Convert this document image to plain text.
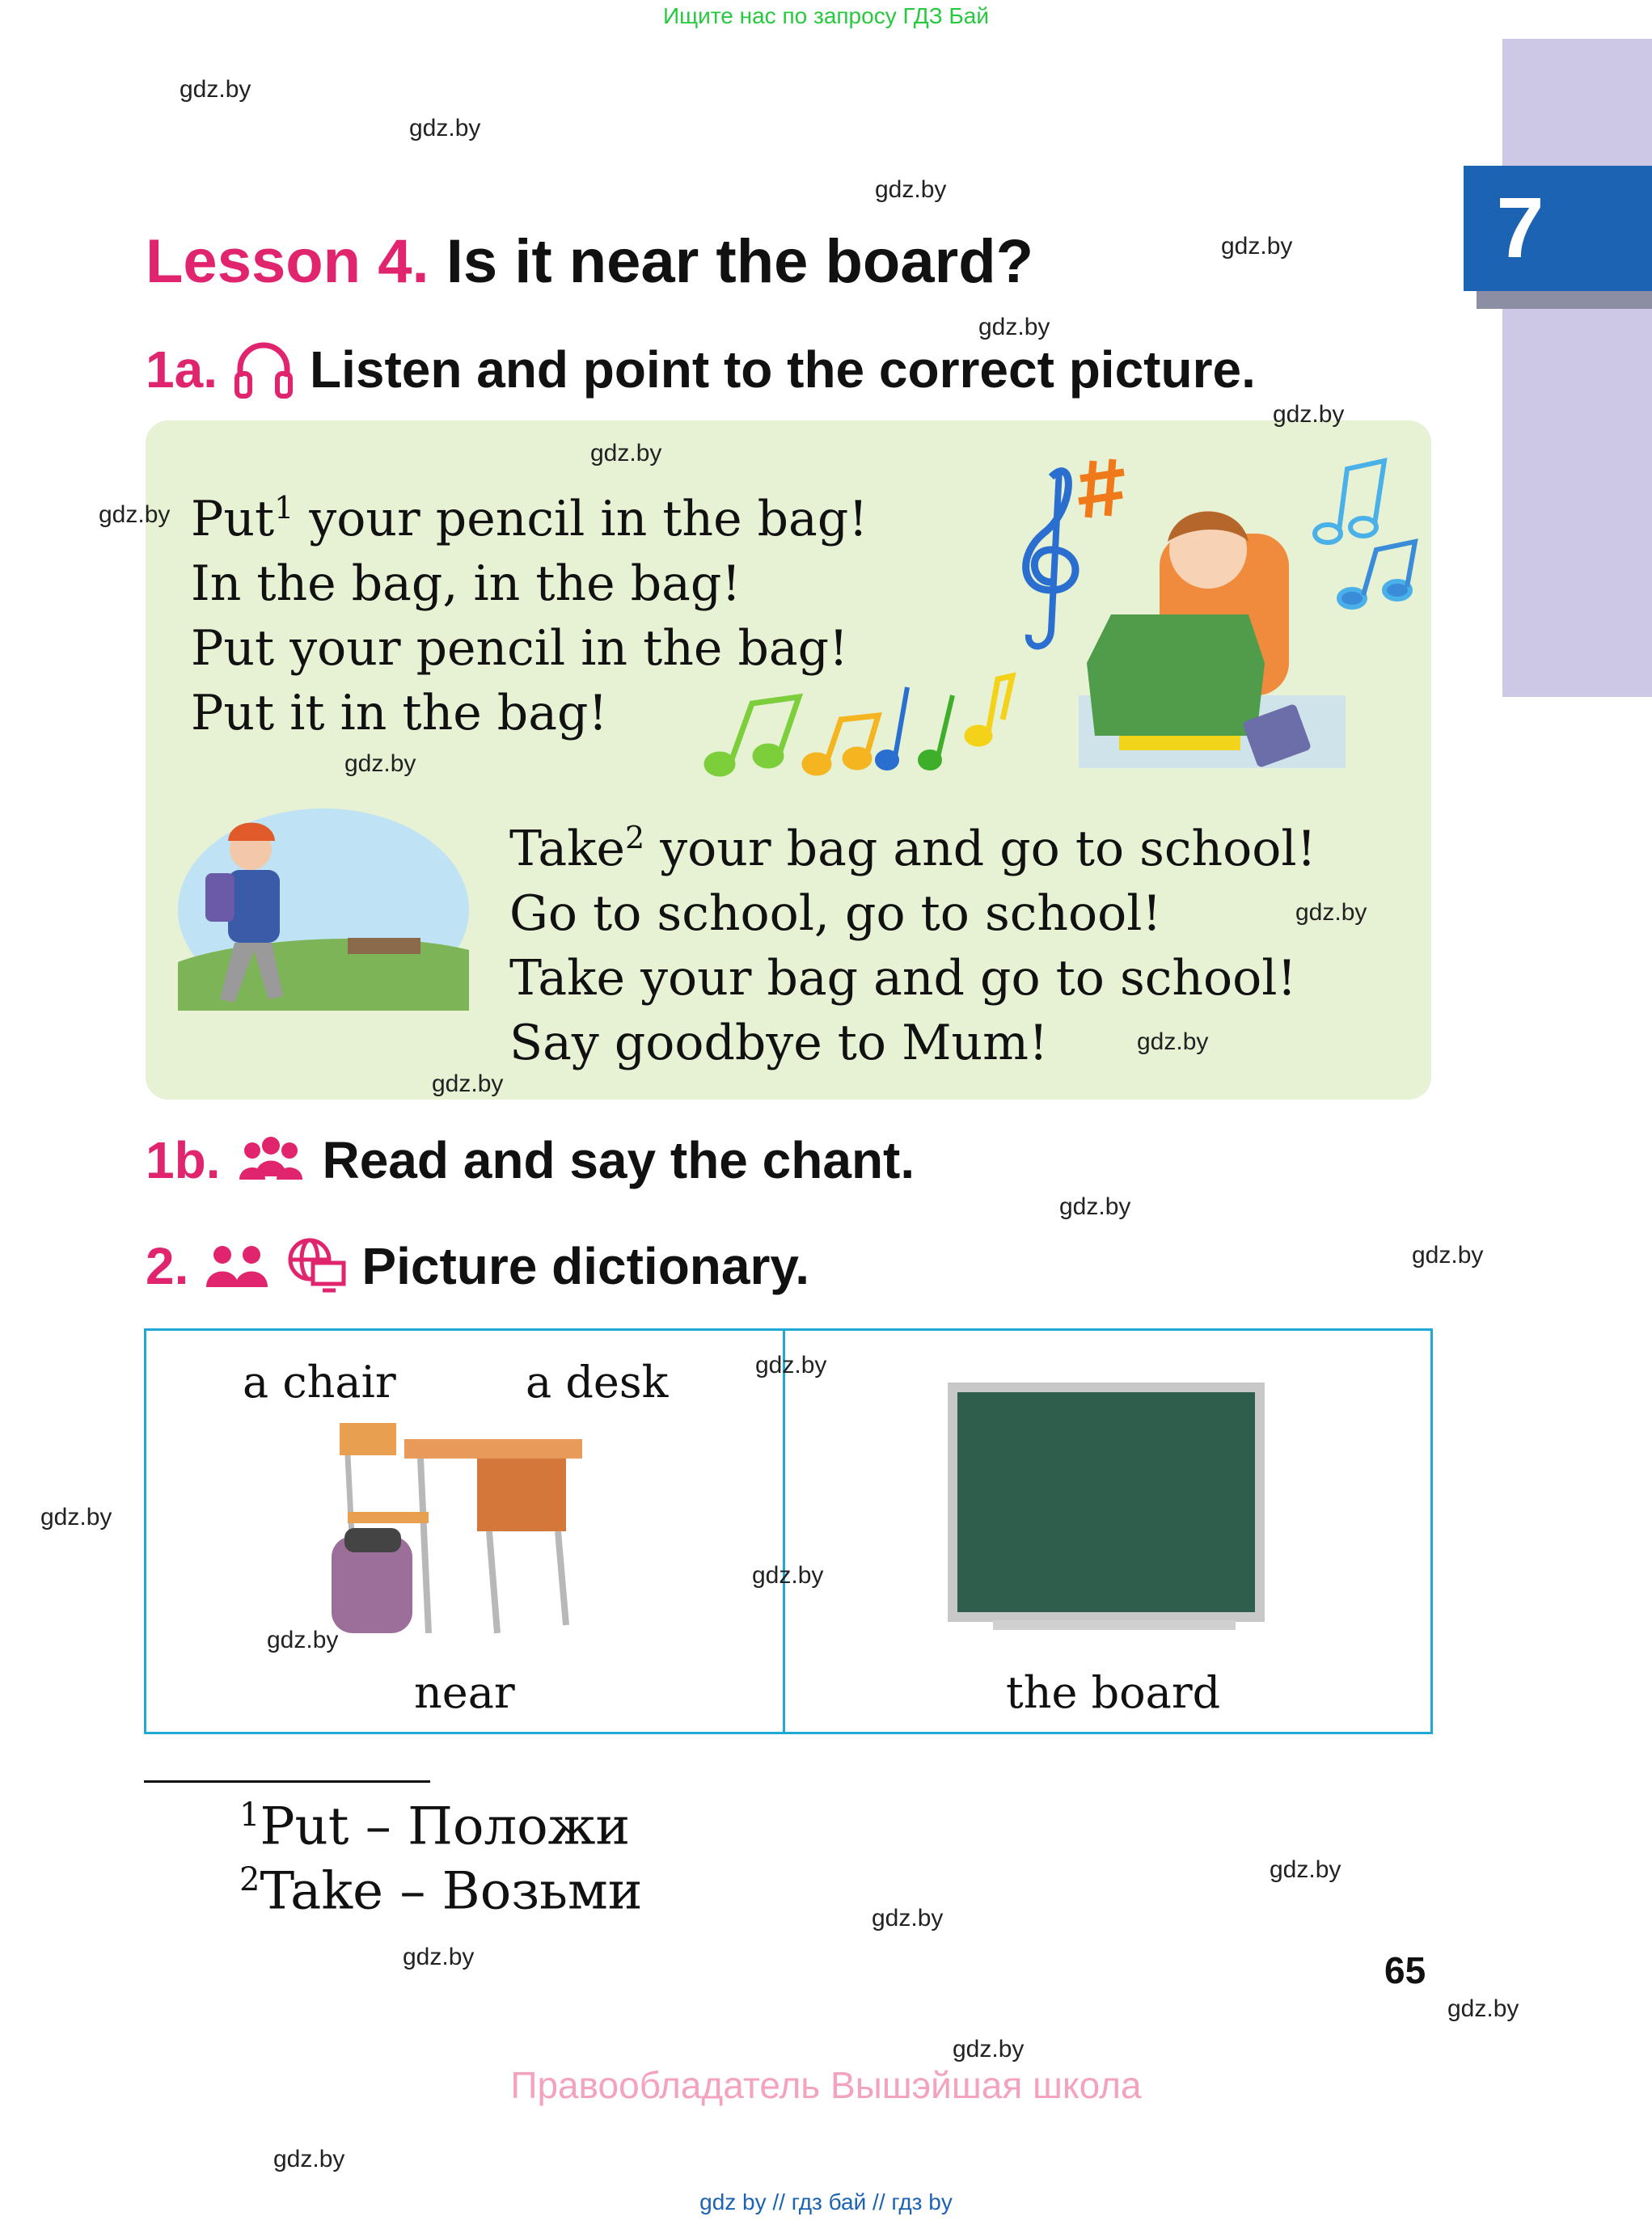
Ищите нас по запросу ГДЗ Бай
7
Lesson 4. Is it near the board?
1a. Listen and point to the correct picture.
Put$^1$ your pencil in the bag!
In the bag, in the bag!
Put your pencil in the bag!
Put it in the bag!
Take$^2$ your bag and go to school!
Go to school, go to school!
Take your bag and go to school!
Say goodbye to Mum!
1b. Read and say the chant.
2.	Picture dictionary.
a chair	a desk
near	the board
$^1$Put – Положи
$^2$Take – Возьми
65
Правообладатель Вышэйшая школа
gdz by // гдз бай // гдз by
gdz.by
gdz.by
gdz.by
gdz.by
gdz.by
gdz.by
gdz.by
gdz.by
gdz.by
gdz.by
gdz.by
gdz.by
gdz.by
gdz.by
gdz.by
gdz.by
gdz.by
gdz.by
gdz.by
gdz.by
gdz.by
gdz.by
gdz.by
gdz.by
